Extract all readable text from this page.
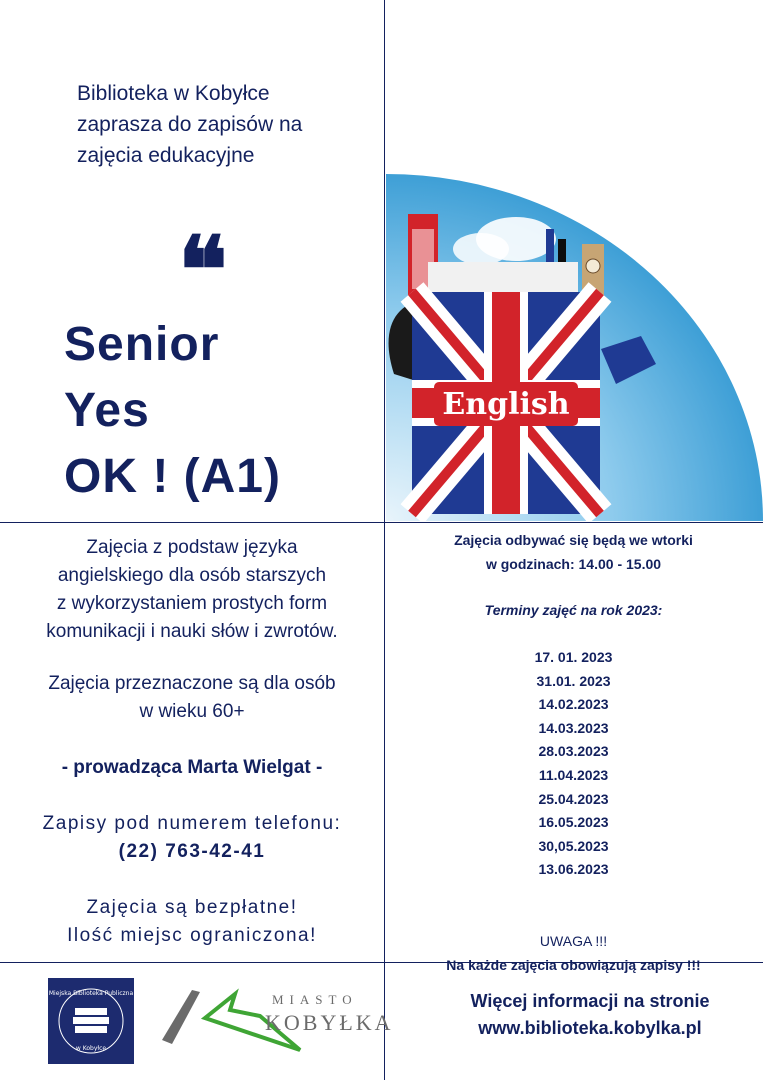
Biblioteka w Kobyłce
zaprasza do zapisów na
zajęcia edukacyjne
❝
Senior
Yes
OK ! (A1)
English
Zajęcia z podstaw języka
angielskiego dla osób starszych
z wykorzystaniem prostych form
komunikacji i nauki słów i zwrotów.
Zajęcia przeznaczone są dla osób
w wieku 60+
- prowadząca Marta Wielgat -
Zapisy pod numerem telefonu:
(22) 763-42-41
Zajęcia są bezpłatne!
Ilość miejsc ograniczona!
Zajęcia odbywać się będą we wtorki
w godzinach: 14.00 - 15.00
Terminy zajęć na rok 2023:
17. 01. 2023
31.01. 2023
14.02.2023
14.03.2023
28.03.2023
11.04.2023
25.04.2023
16.05.2023
30,05.2023
13.06.2023
UWAGA !!!
Na każde zajęcia obowiązują zapisy !!!
Miejska Biblioteka Publiczna
w Kobyłce
MIASTO
KOBYŁKA
Więcej informacji na stronie
www.biblioteka.kobylka.pl
